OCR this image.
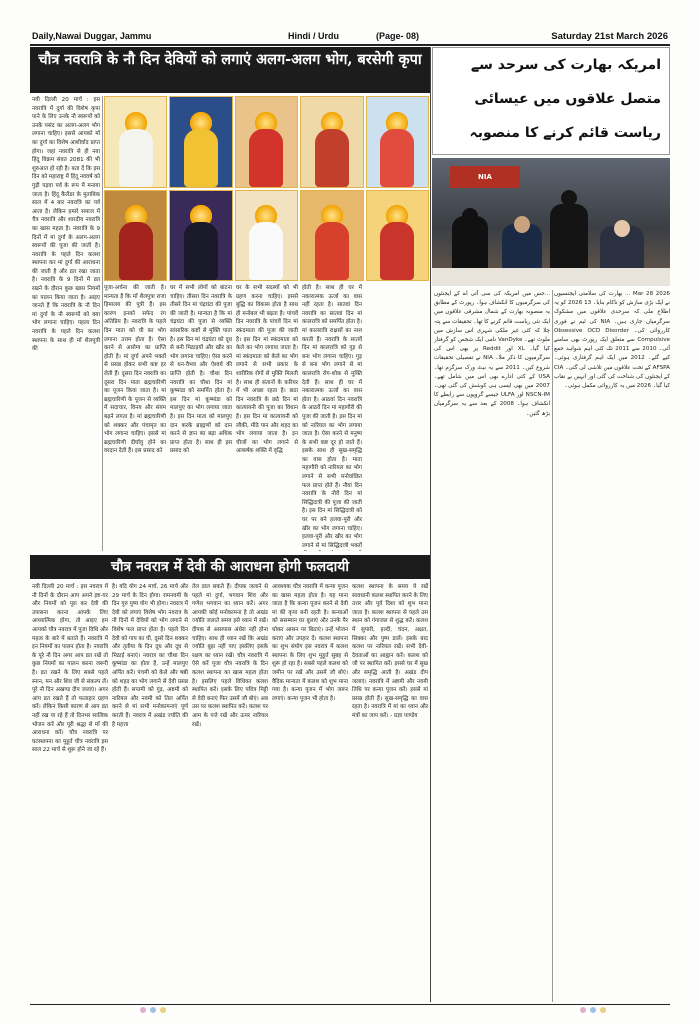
Daily,Nawai Duggar, Jammu	Hindi / Urdu	(Page- 08)	Saturday 21st March 2026
चौत्र नवरात्रि के नौ दिन देवियों को लगाएं अलग-अलग भोग, बरसेगी कृपा
नयी दिल्ली 20 मार्च : इस नवरात्रि में दुर्गा की विशेष कृपा पाने के लिए उनके नौ स्वरूपों को उनके पसंद का अलग-अलग भोग लगाना चाहिए। इससे आपको माँ का दुर्गा का विशेष आशीर्वाद प्राप्त होगा। जहां नवरात्रि से ही नया हिंदू विक्रम संवत 2081 की भी शुरुआत हो रही है। बता दें कि इस दिन को महाराष्ट्र में हिंदू नववर्ष को गुड़ी पड़वा पर्व के रूप में मनाया जाता है। हिंदू कैलेंडर के मुताबिक साल में 4 बार नवरात्रि का पर्व आता है। लेकिन हमारे समाज में चैत्र नवरात्रि और शारदीय नवरात्रि का खास महत्व है। नवरात्रि के 9 दिनों में मां दुर्गा के अलग-अलग स्वरूपों की पूजा की जाती है। नवरात्रि के पहले दिन कलश स्थापना कर मां दुर्गा की आराधना की जाती है और व्रत रखा जाता है। नवरात्रि के 9 दिनों में व्रत रखने के दौरान कुछ खास नियमों का पालन किया जाता है। आइए जानते हैं कि नवरात्रि के नौ दिन मां दुर्गा के नौ स्वरूपों को क्या भोग लगाना चाहिए। पहला दिन नवरात्रि के पहले दिन कलश स्थापना के साथ ही माँ शैलपुत्री की
पूजा-अर्चना की जाती है। मान्यता है कि माँ शैलपुत्रा राजा हिमालय की पुत्री हैं। इस कारण इनको सफेद रंग अतिप्रिय है। नवरात्रि के पहले दिन माता को घी का भोग लगाना उत्तम होता है। ऐसा करने से आरोग्य का प्राप्ति होती है। मां दुर्गा अपने भक्तों से प्रसन्न होकर सभी कष्ट हर लेती हैं। दूसरा दिन नवरात्रि का दूसरा दिन माता ब्रह्मचारिणी का पूजन किया जाता है। मां ब्रह्मचारिणी के पूजन से व्यक्ति में सदाचार, विनय और संयम बढ़ने लगता है। मां ब्रह्मचारिणी को शक्कर और पंचामृत का भोग लगाना चाहिए। इससे मां ब्रह्मचारिणी दीर्घायु होने का वरदान देती हैं। इस प्रसाद को
घर में सभी लोगों को बांटना चाहिए। तीसरा दिन नवरात्रि के तीसरे दिन मां चंद्रघंटा की पूजा की जाती है। मान्यता है कि मां चंद्रघंटा की पूजा से व्यक्ति सांसारिक कष्टों से मुक्ति पाता है। इस दिन मां चंद्रघंटा को दूध से बनी मिठाइयों और खीर का भोग लगाना चाहिए। ऐसा करने से धन-वैभव और ऐश्वर्य की प्राप्ति होती है। चौथा दिन नवरात्रि का चौथा दिन मां कूष्मांडा को समर्पित होता है। इस दिन मां कूष्मांडा को मालपुए का भोग लगाया जाता है। इस दिन माता को मालपुए दान करके ब्राह्मणों को दान करने से ज्ञान का बढ़ा अधिक प्राप्त होता है। साथ ही इस प्रसाद को
घर के सभी सदस्यों को भी ग्रहण करना चाहिए। इससे बुद्धि का विकास होता है साथ ही मनोबल भी बढ़ता है। पांचवें दिन नवरात्रि के पांचवें दिन मां स्कंदमाता की पूजा की जाती है। इस दिन मां स्कंदमाता को केले का भोग लगाया जाता है। मां स्कंदमाता को केले का भोग लगाने से सभी प्रकार के शारीरिक रोगों से मुक्ति मिलती है। साथ ही संतानों के करियर में भी अच्छा रहता है। छठा दिन नवरात्रि के छठे दिन मां कात्यायनी की पूजा का विधान है। इस दिन मां कात्यायनी को लौकी, मीठे पान और शहद का भोग लगाया जाता है। इन चीजों का भोग लगाने से आकर्षक शक्ति में वृद्धि
होती है। साथ ही घर में नकारात्मक ऊर्जा का वास नहीं रहता है। सातवां दिन नवरात्रि का सातवां दिन मां कालरात्रि को समर्पित होता है। मां कालरात्रि राक्षसों का नाश करती हैं। नवरात्रि के सातवें दिन मां कालरात्रि को गुड़ से बना भोग लगाना चाहिए। गुड़ से बना भोग लगाने से मां कालरात्रि रोग-शोक से मुक्ति देती हैं। साथ ही घर में नकारात्मक ऊर्जा का वास होता है। आठवां दिन नवरात्रि के आठवें दिन मां महागौरी की पूजा की जाती है। इस दिन मां को नारियल का भोग लगाया जाता है। ऐसा करने से मनुष्य के सभी कष्ट दूर हो जाते हैं। इसके साथ ही सुख-समृद्धि का वास होता है। माता महागौरी को नारियल का भोग लगाने से सभी मनोवांछित फल प्राप्त होते हैं। नौवां दिन नवरात्रि के नौवें दिन मां सिद्धिदात्री की पूजा की जाती है। इस दिन मां सिद्धिदात्री को घर पर बने हलवा-पूरी और खीर का भोग लगाना चाहिए। हलवा-पूरी और खीर का भोग लगाने से मां सिद्धिदात्री भक्तों
चौत्र नवरात्र में देवी की आराधना होगी फलदायी
नयी दिल्ली 20 मार्च : इस नवरात्र में नौ दिनों के दौरान आप अपने इष्ट-घर और नियमों को पूरा कर देवी की उपासना करना आपके लिए आध्यात्मिक होगा, तो आइए हम आपको चौत्र नवरात्र में पूजा विधि और महत्व के बारे में बताते हैं। नवरात्रि में इन नियमों का पालन होता है। नवरात्रि के पूरे नौ दिन अगर आप व्रत रखें तो कुछ नियमों का पालन करना जरूरी है। व्रत रखने के लिए सबसे पहले स्नान, मन और शिव जी से संकल्प लें। पूरे नौ दिन अखण्ड दीप जलाएं। अगर आप व्रत रखते हैं तो फलाहार ग्रहण करें। लेकिन किसी कारण से आप व्रत नहीं रख पा रहे हैं तो दिनभर सात्विक भोजन करें और पूरी श्रद्धा से माँ की आराधना करें। चौत्र नवरात्रि पर घटस्थापना का मुहूर्त चौत्र नवरात्रि इस साल 22 मार्च से शुरू होने जा रहे हैं।
है। यदि योग 24 मार्च, 26 मार्च और 29 मार्च के दिन होगा। रामनवमी के दिन गुरु पुष्य योग भी होगा। नवरात्र में देवी को लगाएं विशेष भोग नवरात्र के नौ दिनों में देवियों को भोग लगाने से विशेष फल प्राप्त होता है। पहले दिन देवी को गाय का घी, दूसरे दिन शक्कर और तृतीया के दिन दूध और दूध से मिठाई बनाएं। नवरात्र का चौथा दिन कूष्मांडा का होता है, उन्हें मालपुए अर्पित करें। पंचमी को केले और षष्ठी को शहद का भोग लगाने से देवी प्रसन्न होती हैं। सप्तमी को गुड़, अष्टमी को नारियल और नवमी को तिल अर्पित करने से मां सभी मनोकामनाएं पूर्ण करती हैं। नवरात्र में अखंड ज्योति की है महत्ता
तेल डाल सकते हैं। दीपक जलाने से पहले मां दुर्गा, भगवान शिव और गणेश भगवान का ध्यान करें। अगर आपकी कोई मनोकामना है तो अखंड ज्योति जलाते समय इसे ध्यान में रखें। दीपक से आसपास अंधेरा नहीं होना चाहिए। साथ ही ध्यान रखें कि अखंड ज्योति बुझ नहीं पाए इसलिए इसके रक्षण का ध्यान रखें। चौत्र नवरात्रि में ऐसे करें पूजा चौत्र नवरात्रि के दिन कलश स्थापना का खास महत्व होता है। इसलिए पहले विधिवत कलश स्थापित करें। इसके लिए पवित्र मिट्टी से वेदी बनाएं फिर उसमें जौ बोएं। अब उस पर कलश स्थापित करें। कलश पर आम के पत्ते रखें और ऊपर नारियल रखें।
आवश्यक चौत्र नवरात्रि में कन्या पूजन का खास महत्व होता है। यह माना जाता है कि कन्या पूजन करने से देवी मां की कृपा बनी रहती है। कन्याओं को ससम्मान घर बुलाएं और उनके पैर धोकर आसन पर बिठाएं। उन्हें भोजन कराएं और उपहार दें। कलश स्थापना का शुभ संयोग इस नवरात्र में कलश स्थापना के लिए शुभ मुहूर्त सुबह से शुरू हो रहा है। सबसे पहले कलश को जमीन पर रखें और उसमें जौ बोएं। वैदिक मान्यता में कलश को शुभ माना गया है। कन्या पूजन में भोग जरूर लगाएं। कन्या पूजन भी होता है।
कलश स्थापना के समय ये रखें सावधानी कलश स्थापित करने के लिए उत्तर और पूर्व दिशा को शुभ माना जाता है। कलश स्थापना से पहले उस स्थान को गंगाजल से शुद्ध करें। कलश में सुपारी, हल्दी, चंदन, अक्षत, सिक्का और पुष्प डालें। इसके बाद कलश पर नारियल रखें। सभी देवी-देवताओं का आह्वान करें। कलश को जौ पर स्थापित करें। इससे घर में सुख और समृद्धि आती है। अखंड दीप जलाएं। नवरात्रि में अष्टमी और नवमी तिथि पर कन्या पूजन करें। इससे मां प्रसन्न होती हैं। सुख-समृद्धि का वास रहता है। नवरात्रि में मां का ध्यान और मंत्रों का जाप करें। - प्रज्ञा पाण्डेय
امریکہ بھارت کی سرحد سے متصل علاقوں میں عیسائی ریاست قائم کرنے کا منصوبہ
NIA
...جس میں امریکہ کی سی آئی اے کے ایجنٹوں کی سرگرمیوں کا انکشاف ہوا۔ رپورٹ کے مطابق یہ منصوبہ بھارت کے شمال مشرقی علاقوں میں ایک نئی ریاست قائم کرنے کا تھا۔ تحقیقات سے پتہ چلا کہ کئی غیر ملکی شہری اس سازش میں ملوث تھے۔ VanDyke نامی ایک شخص کو گرفتار کیا گیا۔ XL اور Reddit پر بھی اس کی سرگرمیوں کا ذکر ملا۔ NIA نے تفصیلی تحقیقات شروع کیں۔ 2011 سے یہ نیٹ ورک سرگرم تھا۔ USA کے کئی ادارے بھی اس میں شامل تھے۔ 2007 میں بھی ایسی ہی کوشش کی گئی تھی۔ NSCN-IM اور ULFA جیسے گروپوں سے رابطے کا انکشاف ہوا۔ 2008 کے بعد سے یہ سرگرمیاں بڑھ گئیں۔
2026 Mar 28 ... بھارت کی سلامتی ایجنسیوں نے ایک بڑی سازش کو ناکام بنایا۔ 13 2026 کو یہ اطلاع ملی کہ سرحدی علاقوں میں مشکوک سرگرمیاں جاری ہیں۔ NIA کی ٹیم نے فوری کارروائی کی۔ Obsessive OCD Disorder Compulsive سے متعلق ایک رپورٹ بھی سامنے آئی۔ 2010 سے 2011 تک کئی اہم شواہد جمع کیے گئے۔ 2012 میں ایک اہم گرفتاری ہوئی۔ AFSPA کے تحت علاقوں میں تلاشی لی گئی۔ CIA کے ایجنٹوں کی شناخت کی گئی اور انہیں بے نقاب کیا گیا۔ 2026 میں یہ کارروائی مکمل ہوئی۔
